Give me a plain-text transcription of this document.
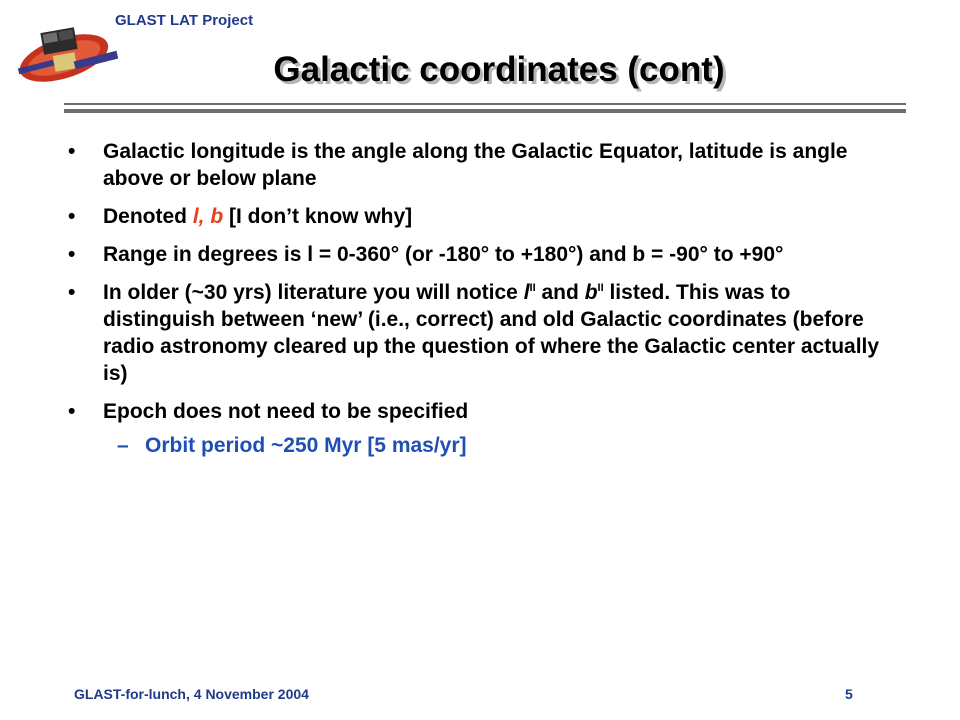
GLAST LAT Project
Galactic coordinates (cont)
• Galactic longitude is the angle along the Galactic Equator, latitude is angle above or below plane
• Denoted l, b [I don’t know why]
• Range in degrees is l = 0-360° (or -180° to +180°) and b = -90° to +90°
• In older (~30 yrs) literature you will notice $l^{II}$ and $b^{II}$ listed. This was to distinguish between ‘new’ (i.e., correct) and old Galactic coordinates (before radio astronomy cleared up the question of where the Galactic center actually is)
• Epoch does not need to be specified
– Orbit period ~250 Myr [5 mas/yr]
GLAST-for-lunch, 4 November 2004	5
